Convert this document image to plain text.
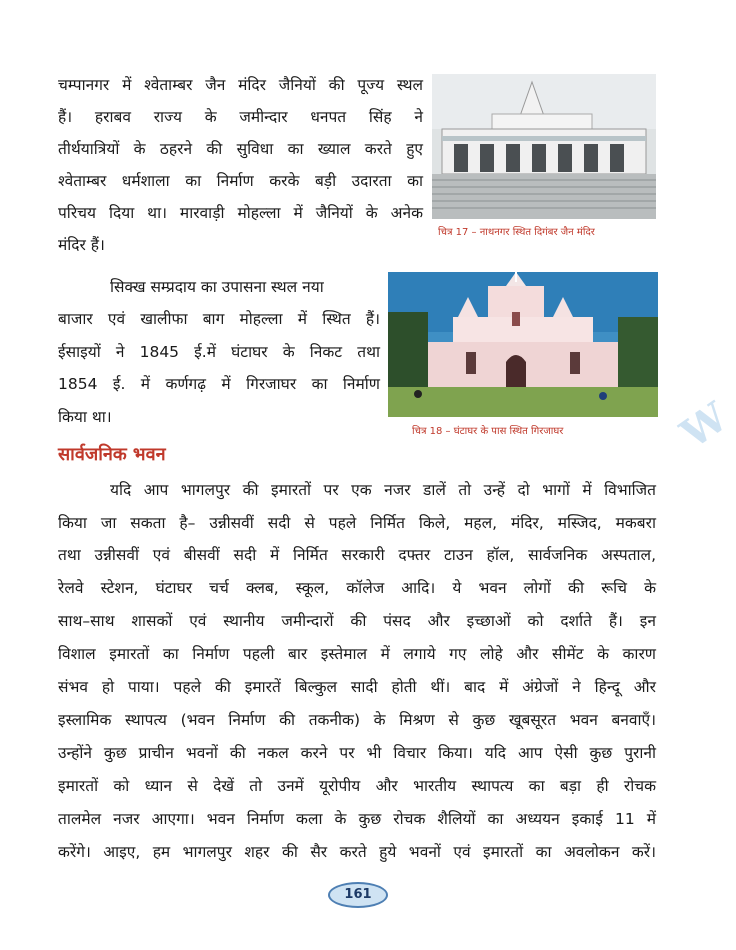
चम्पानगर में श्वेताम्बर जैन मंदिर जैनियों की पूज्य स्थल
हैं। हराबव राज्य के जमीन्दार धनपत सिंह ने
तीर्थयात्रियों के ठहरने की सुविधा का ख्याल करते हुए
श्वेताम्बर धर्मशाला का निर्माण करके बड़ी उदारता का
परिचय दिया था। मारवाड़ी मोहल्ला में जैनियों के अनेक
मंदिर हैं।
चित्र 17 – नाथनगर स्थित दिगंबर जैन मंदिर
सिक्ख सम्प्रदाय का उपासना स्थल नया
बाजार एवं खालीफा बाग मोहल्ला में स्थित हैं।
ईसाइयों ने 1845 ई.में घंटाघर के निकट तथा
1854 ई. में कर्णगढ़ में गिरजाघर का निर्माण
किया था।
चित्र 18 – घंटाघर के पास स्थित गिरजाघर
सार्वजनिक भवन
यदि आप भागलपुर की इमारतों पर एक नजर डालें तो उन्हें दो भागों में विभाजित
किया जा सकता है– उन्नीसवीं सदी से पहले निर्मित किले, महल, मंदिर, मस्जिद, मकबरा
तथा उन्नीसवीं एवं बीसवीं सदी में निर्मित सरकारी दफ्तर टाउन हॉल, सार्वजनिक अस्पताल,
रेलवे स्टेशन, घंटाघर चर्च क्लब, स्कूल, कॉलेज आदि। ये भवन लोगों की रूचि के
साथ–साथ शासकों एवं स्थानीय जमीन्दारों की पंसद और इच्छाओं को दर्शाते हैं। इन
विशाल इमारतों का निर्माण पहली बार इस्तेमाल में लगाये गए लोहे और सीमेंट के कारण
संभव हो पाया। पहले की इमारतें बिल्कुल सादी होती थीं। बाद में अंग्रेजों ने हिन्दू और
इस्लामिक स्थापत्य (भवन निर्माण की तकनीक) के मिश्रण से कुछ खूबसूरत भवन बनवाएँ।
उन्होंने कुछ प्राचीन भवनों की नकल करने पर भी विचार किया। यदि आप ऐसी कुछ पुरानी
इमारतों को ध्यान से देखें तो उनमें यूरोपीय और भारतीय स्थापत्य का बड़ा ही रोचक
तालमेल नजर आएगा। भवन निर्माण कला के कुछ रोचक शैलियों का अध्ययन इकाई 11 में
करेंगे। आइए, हम भागलपुर शहर की सैर करते हुये भवनों एवं इमारतों का अवलोकन करें।
W
161
